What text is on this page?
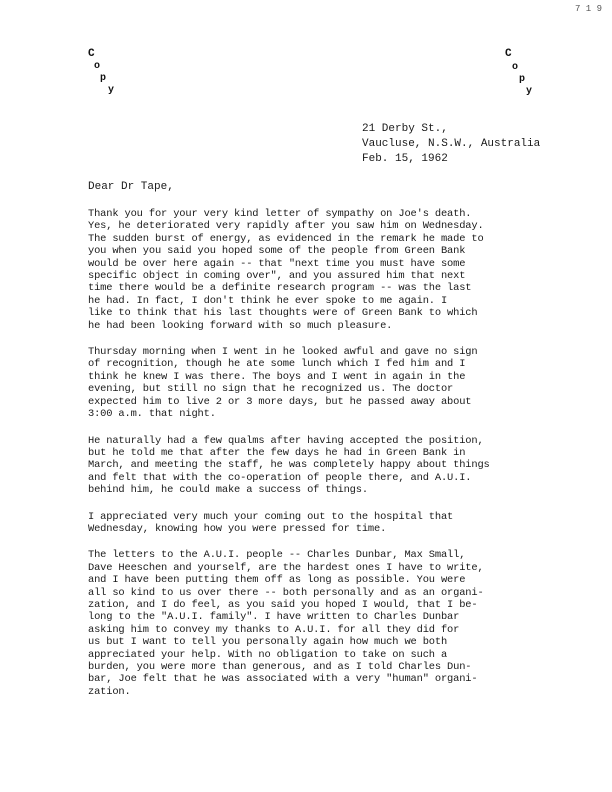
7 1 9
C
o
p
y
C
o
p
y
21 Derby St.,
Vaucluse, N.S.W., Australia
Feb. 15, 1962
Dear Dr Tape,
Thank you for your very kind letter of sympathy on Joe's death.
Yes, he deteriorated very rapidly after you saw him on Wednesday.
The sudden burst of energy, as evidenced in the remark he made to
you when you said you hoped some of the people from Green Bank
would be over here again -- that "next time you must have some
specific object in coming over", and you assured him that next
time there would be a definite research program -- was the last
he had. In fact, I don't think he ever spoke to me again. I
like to think that his last thoughts were of Green Bank to which
he had been looking forward with so much pleasure.
Thursday morning when I went in he looked awful and gave no sign
of recognition, though he ate some lunch which I fed him and I
think he knew I was there. The boys and I went in again in the
evening, but still no sign that he recognized us. The doctor
expected him to live 2 or 3 more days, but he passed away about
3:00 a.m. that night.
He naturally had a few qualms after having accepted the position,
but he told me that after the few days he had in Green Bank in
March, and meeting the staff, he was completely happy about things
and felt that with the co-operation of people there, and A.U.I.
behind him, he could make a success of things.
I appreciated very much your coming out to the hospital that
Wednesday, knowing how you were pressed for time.
The letters to the A.U.I. people -- Charles Dunbar, Max Small,
Dave Heeschen and yourself, are the hardest ones I have to write,
and I have been putting them off as long as possible. You were
all so kind to us over there -- both personally and as an organi-
zation, and I do feel, as you said you hoped I would, that I be-
long to the "A.U.I. family". I have written to Charles Dunbar
asking him to convey my thanks to A.U.I. for all they did for
us but I want to tell you personally again how much we both
appreciated your help. With no obligation to take on such a
burden, you were more than generous, and as I told Charles Dun-
bar, Joe felt that he was associated with a very "human" organi-
zation.
